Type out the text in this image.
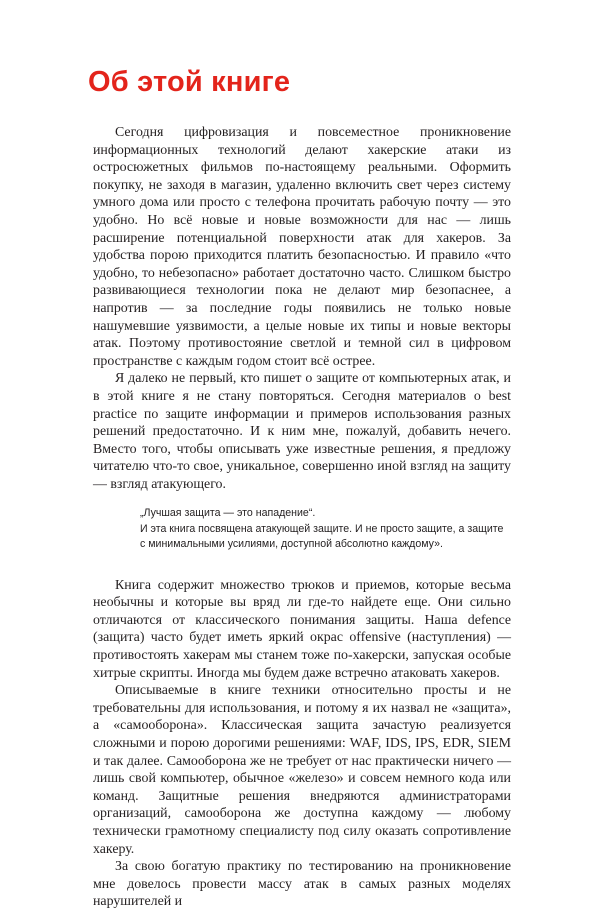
Об этой книге

Сегодня цифровизация и повсеместное проникновение информационных технологий делают хакерские атаки из остросюжетных фильмов по-настоящему реальными. Оформить покупку, не заходя в магазин, удаленно включить свет через систему умного дома или просто с телефона прочитать рабочую почту — это удобно. Но всё новые и новые возможности для нас — лишь расширение потенциальной поверхности атак для хакеров. За удобства порою приходится платить безопасностью. И правило «что удобно, то небезопасно» работает достаточно часто. Слишком быстро развивающиеся технологии пока не делают мир безопаснее, а напротив — за последние годы появились не только новые нашумевшие уязвимости, а целые новые их типы и новые векторы атак. Поэтому противостояние светлой и темной сил в цифровом пространстве с каждым годом стоит всё острее.

Я далеко не первый, кто пишет о защите от компьютерных атак, и в этой книге я не стану повторяться. Сегодня материалов о best practice по защите информации и примеров использования разных решений предостаточно. И к ним мне, пожалуй, добавить нечего. Вместо того, чтобы описывать уже известные решения, я предложу читателю что-то свое, уникальное, совершенно иной взгляд на защиту — взгляд атакующего.

„Лучшая защита — это нападение“.
И эта книга посвящена атакующей защите. И не просто защите, а защите
с минимальными усилиями, доступной абсолютно каждому».

Книга содержит множество трюков и приемов, которые весьма необычны и которые вы вряд ли где-то найдете еще. Они сильно отличаются от классического понимания защиты. Наша defence (защита) часто будет иметь яркий окрас offensive (наступления) — противостоять хакерам мы станем тоже по-хакерски, запуская особые хитрые скрипты. Иногда мы будем даже встречно атаковать хакеров.

Описываемые в книге техники относительно просты и не требовательны для использования, и потому я их назвал не «защита», а «самооборона». Классическая защита зачастую реализуется сложными и порою дорогими решениями: WAF, IDS, IPS, EDR, SIEM и так далее. Самооборона же не требует от нас практически ничего — лишь свой компьютер, обычное «железо» и совсем немного кода или команд. Защитные решения внедряются администраторами организаций, самооборона же доступна каждому — любому технически грамотному специалисту под силу оказать сопротивление хакеру.

За свою богатую практику по тестированию на проникновение мне довелось провести массу атак в самых разных моделях нарушителей и
